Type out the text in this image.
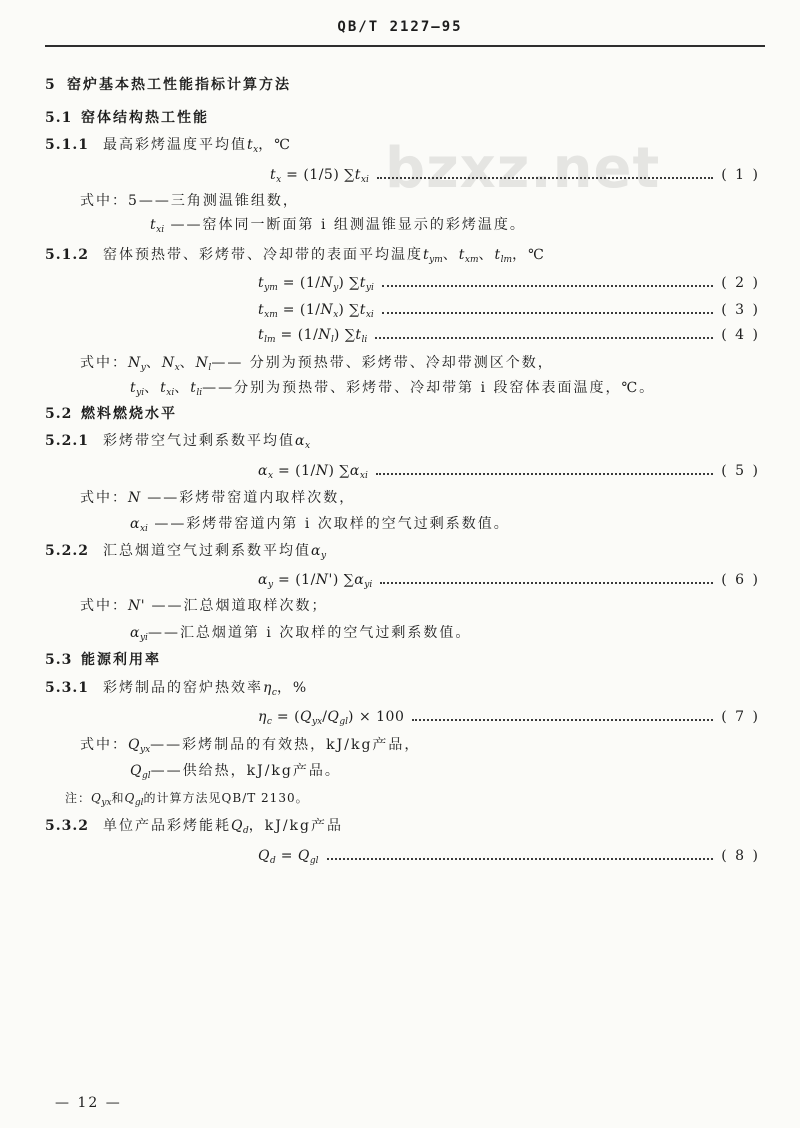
bzxz.net
QB/T 2127—95
5 窑炉基本热工性能指标计算方法
5.1 窑体结构热工性能
5.1.1 最高彩烤温度平均值$t_x$，℃
$t_x = (1/5)$ $\sum t_{xi}$	( 1 )
式中：5——三角测温锥组数，
$t_{xi}$ ——窑体同一断面第 i 组测温锥显示的彩烤温度。
5.1.2 窑体预热带、彩烤带、冷却带的表面平均温度$t_{ym}$、$t_{xm}$、$t_{lm}$，℃
$t_{ym} = (1/N_y)$ $\sum t_{yi}$	( 2 )
$t_{xm} = (1/N_x)$ $\sum t_{xi}$	( 3 )
$t_{lm} = (1/N_l)$ $\sum t_{li}$	( 4 )
式中：$N_y$、$N_x$、$N_l——$ 分别为预热带、彩烤带、冷却带测区个数，
$t_{yi}$、$t_{xi}$、$t_{li}——$分别为预热带、彩烤带、冷却带第 i 段窑体表面温度，℃。
5.2 燃料燃烧水平
5.2.1 彩烤带空气过剩系数平均值$\alpha_x$
$\alpha_x = (1/N)$ $\sum\alpha_{xi}$	( 5 )
式中：N ——彩烤带窑道内取样次数，
$\alpha_{xi}$ ——彩烤带窑道内第 i 次取样的空气过剩系数值。
5.2.2 汇总烟道空气过剩系数平均值$\alpha_y$
$\alpha_y = (1/N')$ $\sum\alpha_{yi}$	( 6 )
式中：N' ——汇总烟道取样次数；
$\alpha_{yi}——$汇总烟道第 i 次取样的空气过剩系数值。
5.3 能源利用率
5.3.1 彩烤制品的窑炉热效率$\eta_c$，%
$\eta_c = (Q_{yx}/Q_{gl}) \times 100$	( 7 )
式中：$Q_{yx}——$彩烤制品的有效热，kJ/kg产品，
$Q_{gl}——$供给热，kJ/kg产品。
注：$Q_{yx}$和$Q_{gl}$的计算方法见QB/T 2130。
5.3.2 单位产品彩烤能耗$Q_d$，kJ/kg产品
$Q_d = Q_{gl}$	( 8 )
— 12 —
